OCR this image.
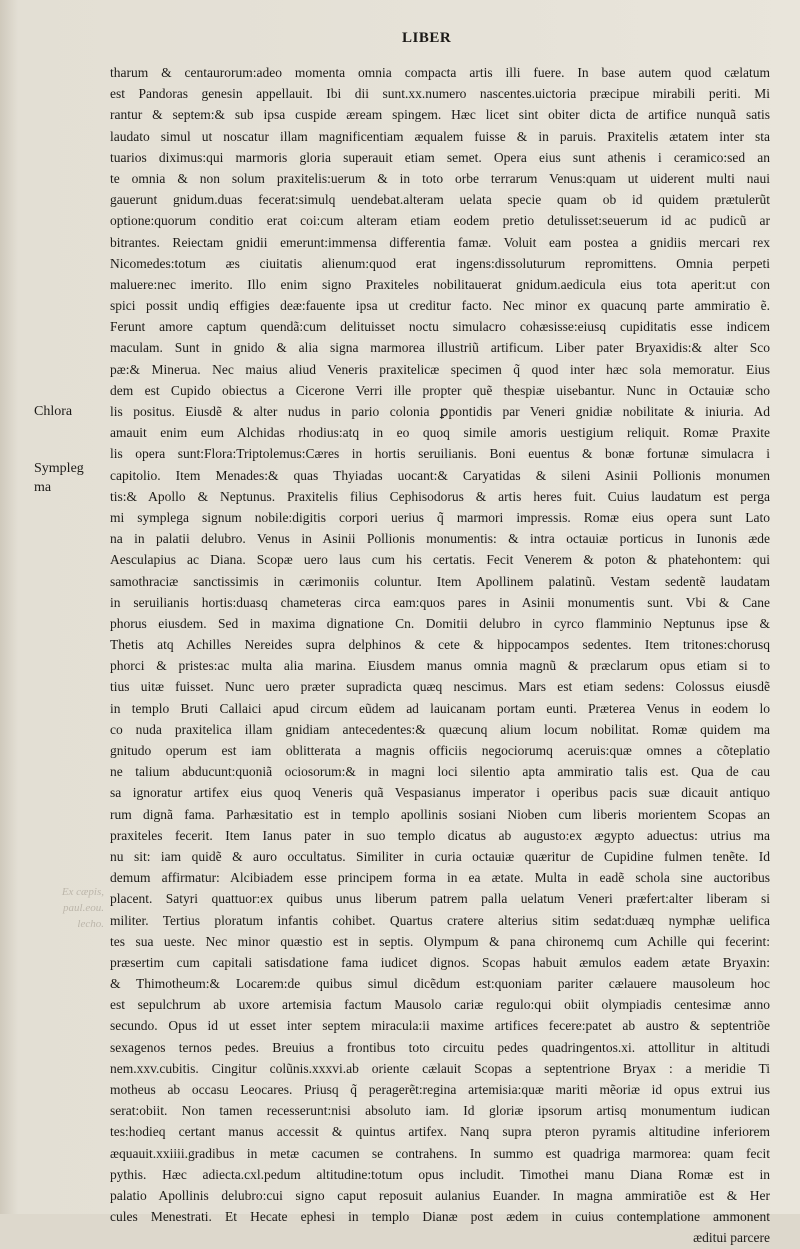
LIBER
Chlora
Sympleg
ma
Ex cæpis,
paul.eou.
lecho.
tharum & centaurorum:adeo momenta omnia compacta artis illi fuere. In base autem quod cælatum
est Pandoras genesin appellauit. Ibi dii sunt.xx.numero nascentes.uictoria præcipue mirabili periti. Mi
rantur & septem:& sub ipsa cuspide æream spingem. Hæc licet sint obiter dicta de artifice nunquã satis
laudato simul ut noscatur illam magnificentiam æqualem fuisse & in paruis. Praxitelis ætatem inter sta
tuarios diximus:qui marmoris gloria superauit etiam semet. Opera eius sunt athenis i ceramico:sed an
te omnia & non solum praxitelis:uerum & in toto orbe terrarum Venus:quam ut uiderent multi naui
gauerunt gnidum.duas fecerat:simulq uendebat.alteram uelata specie quam ob id quidem prætulerũt
optione:quorum conditio erat coi:cum alteram etiam eodem pretio detulisset:seuerum id ac pudicũ ar
bitrantes. Reiectam gnidii emerunt:immensa differentia famæ. Voluit eam postea a gnidiis mercari rex
Nicomedes:totum æs ciuitatis alienum:quod erat ingens:dissoluturum repromittens. Omnia perpeti
maluere:nec imerito. Illo enim signo Praxiteles nobilitauerat gnidum.aedicula eius tota aperit:ut con
spici possit undiq effigies deæ:fauente ipsa ut creditur facto. Nec minor ex quacunq parte ammiratio ẽ.
Ferunt amore captum quendã:cum delituisset noctu simulacro cohæsisse:eiusq cupiditatis esse indicem
maculam. Sunt in gnido & alia signa marmorea illustriũ artificum. Liber pater Bryaxidis:& alter Sco
pæ:& Minerua. Nec maius aliud Veneris praxitelicæ specimen q̃ quod inter hæc sola memoratur. Eius
dem est Cupido obiectus a Cicerone Verri ille propter quẽ thespiæ uisebantur. Nunc in Octauiæ scho
lis positus. Eiusdẽ & alter nudus in pario colonia ꝑpontidis par Veneri gnidiæ nobilitate & iniuria. Ad
amauit enim eum Alchidas rhodius:atq in eo quoq simile amoris uestigium reliquit. Romæ Praxite
lis opera sunt:Flora:Triptolemus:Cæres in hortis seruilianis. Boni euentus & bonæ fortunæ simulacra i
capitolio. Item Menades:& quas Thyiadas uocant:& Caryatidas & sileni Asinii Pollionis monumen
tis:& Apollo & Neptunus. Praxitelis filius Cephisodorus & artis heres fuit. Cuius laudatum est perga
mi symplega signum nobile:digitis corpori uerius q̃ marmori impressis. Romæ eius opera sunt Lato
na in palatii delubro. Venus in Asinii Pollionis monumentis: & intra octauiæ porticus in Iunonis æde
Aesculapius ac Diana. Scopæ uero laus cum his certatis. Fecit Venerem & poton & phatehontem: qui
samothraciæ sanctissimis in cærimoniis coluntur. Item Apollinem palatinũ. Vestam sedentẽ laudatam
in seruilianis hortis:duasq chameteras circa eam:quos pares in Asinii monumentis sunt. Vbi & Cane
phorus eiusdem. Sed in maxima dignatione Cn. Domitii delubro in cyrco flamminio Neptunus ipse &
Thetis atq Achilles Nereides supra delphinos & cete & hippocampos sedentes. Item tritones:chorusq
phorci & pristes:ac multa alia marina. Eiusdem manus omnia magnũ & præclarum opus etiam si to
tius uitæ fuisset. Nunc uero præter supradicta quæq nescimus. Mars est etiam sedens: Colossus eiusdẽ
in templo Bruti Callaici apud circum eũdem ad lauicanam portam eunti. Præterea Venus in eodem lo
co nuda praxitelica illam gnidiam antecedentes:& quæcunq alium locum nobilitat. Romæ quidem ma
gnitudo operum est iam oblitterata a magnis officiis negociorumq aceruis:quæ omnes a cõteplatio
ne talium abducunt:quoniã ociosorum:& in magni loci silentio apta ammiratio talis est. Qua de cau
sa ignoratur artifex eius quoq Veneris quã Vespasianus imperator i operibus pacis suæ dicauit antiquo
rum dignã fama. Parhæsitatio est in templo apollinis sosiani Nioben cum liberis morientem Scopas an
praxiteles fecerit. Item Ianus pater in suo templo dicatus ab augusto:ex ægypto aduectus: utrius ma
nu sit: iam quidẽ & auro occultatus. Similiter in curia octauiæ quæritur de Cupidine fulmen tenẽte. Id
demum affirmatur: Alcibiadem esse principem forma in ea ætate. Multa in eadẽ schola sine auctoribus
placent. Satyri quattuor:ex quibus unus liberum patrem palla uelatum Veneri præfert:alter liberam si
militer. Tertius ploratum infantis cohibet. Quartus cratere alterius sitim sedat:duæq nymphæ uelifica
tes sua ueste. Nec minor quæstio est in septis. Olympum & pana chironemq cum Achille qui fecerint:
præsertim cum capitali satisdatione fama iudicet dignos. Scopas habuit æmulos eadem ætate Bryaxin:
& Thimotheum:& Locarem:de quibus simul dicẽdum est:quoniam pariter cælauere mausoleum hoc
est sepulchrum ab uxore artemisia factum Mausolo cariæ regulo:qui obiit olympiadis centesimæ anno
secundo. Opus id ut esset inter septem miracula:ii maxime artifices fecere:patet ab austro & septentriõe
sexagenos ternos pedes. Breuius a frontibus toto circuitu pedes quadringentos.xi. attollitur in altitudi
nem.xxv.cubitis. Cingitur colũnis.xxxvi.ab oriente cælauit Scopas a septentrione Bryax : a meridie Ti
motheus ab occasu Leocares. Priusq q̃ peragerẽt:regina artemisia:quæ mariti mẽoriæ id opus extrui ius
serat:obiit. Non tamen recesserunt:nisi absoluto iam. Id gloriæ ipsorum artisq monumentum iudican
tes:hodieq certant manus accessit & quintus artifex. Nanq supra pteron pyramis altitudine inferiorem
æquauit.xxiiii.gradibus in metæ cacumen se contrahens. In summo est quadriga marmorea: quam fecit
pythis. Hæc adiecta.cxl.pedum altitudine:totum opus includit. Timothei manu Diana Romæ est in
palatio Apollinis delubro:cui signo caput reposuit aulanius Euander. In magna ammiratiõe est & Her
cules Menestrati. Et Hecate ephesi in templo Dianæ post ædem in cuius contemplatione ammonent
æditui parcere
